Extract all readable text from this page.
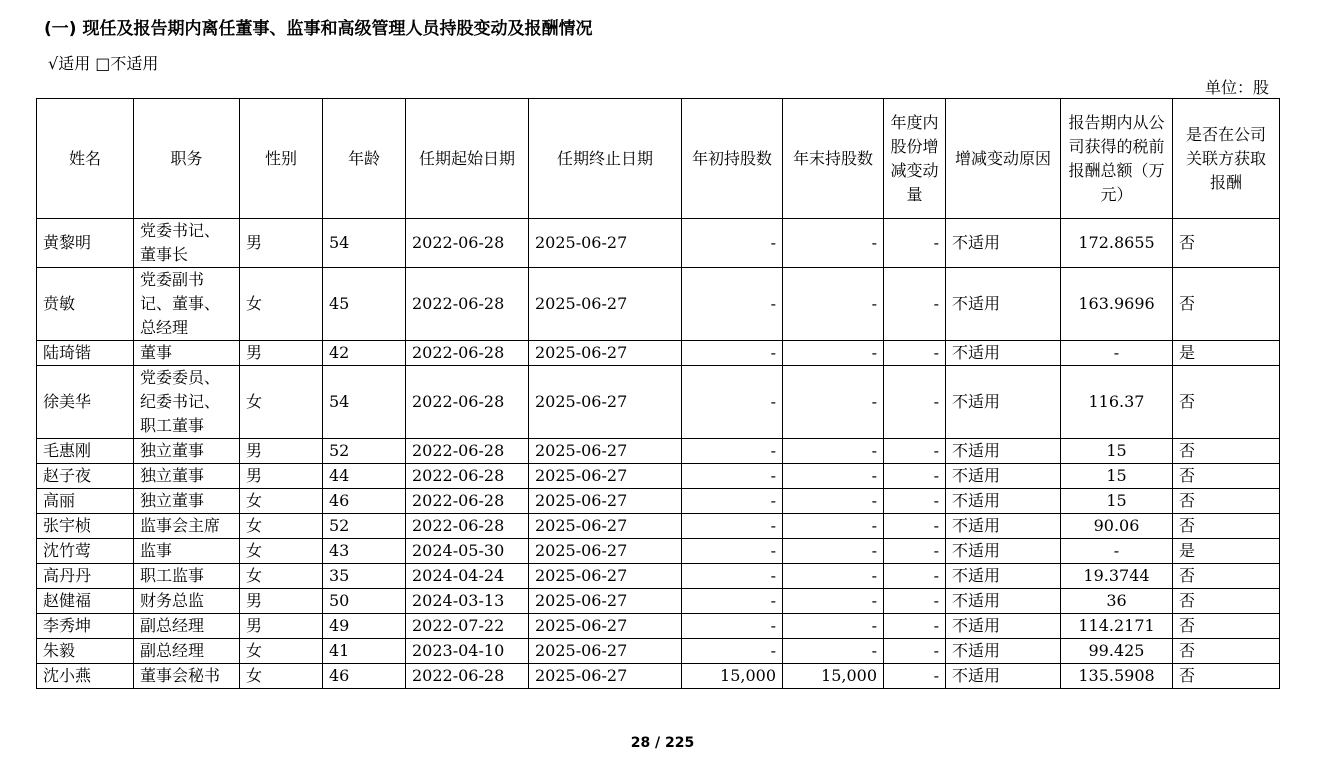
(一) 现任及报告期内离任董事、监事和高级管理人员持股变动及报酬情况
√适用 □不适用
单位：股
姓名	职务	性别	年龄	任期起始日期	任期终止日期	年初持股数	年末持股数	年度内股份增减变动量	增减变动原因	报告期内从公司获得的税前报酬总额（万元）	是否在公司关联方获取报酬
黄黎明	党委书记、董事长	男	54	2022-06-28	2025-06-27	-	-	-	不适用	172.8655	否
贲敏	党委副书记、董事、总经理	女	45	2022-06-28	2025-06-27	-	-	-	不适用	163.9696	否
陆琦锴	董事	男	42	2022-06-28	2025-06-27	-	-	-	不适用	-	是
徐美华	党委委员、纪委书记、职工董事	女	54	2022-06-28	2025-06-27	-	-	-	不适用	116.37	否
毛惠刚	独立董事	男	52	2022-06-28	2025-06-27	-	-	-	不适用	15	否
赵子夜	独立董事	男	44	2022-06-28	2025-06-27	-	-	-	不适用	15	否
高丽	独立董事	女	46	2022-06-28	2025-06-27	-	-	-	不适用	15	否
张宇桢	监事会主席	女	52	2022-06-28	2025-06-27	-	-	-	不适用	90.06	否
沈竹莺	监事	女	43	2024-05-30	2025-06-27	-	-	-	不适用	-	是
高丹丹	职工监事	女	35	2024-04-24	2025-06-27	-	-	-	不适用	19.3744	否
赵健福	财务总监	男	50	2024-03-13	2025-06-27	-	-	-	不适用	36	否
李秀坤	副总经理	男	49	2022-07-22	2025-06-27	-	-	-	不适用	114.2171	否
朱毅	副总经理	女	41	2023-04-10	2025-06-27	-	-	-	不适用	99.425	否
沈小燕	董事会秘书	女	46	2022-06-28	2025-06-27	15,000	15,000	-	不适用	135.5908	否
28 / 225
